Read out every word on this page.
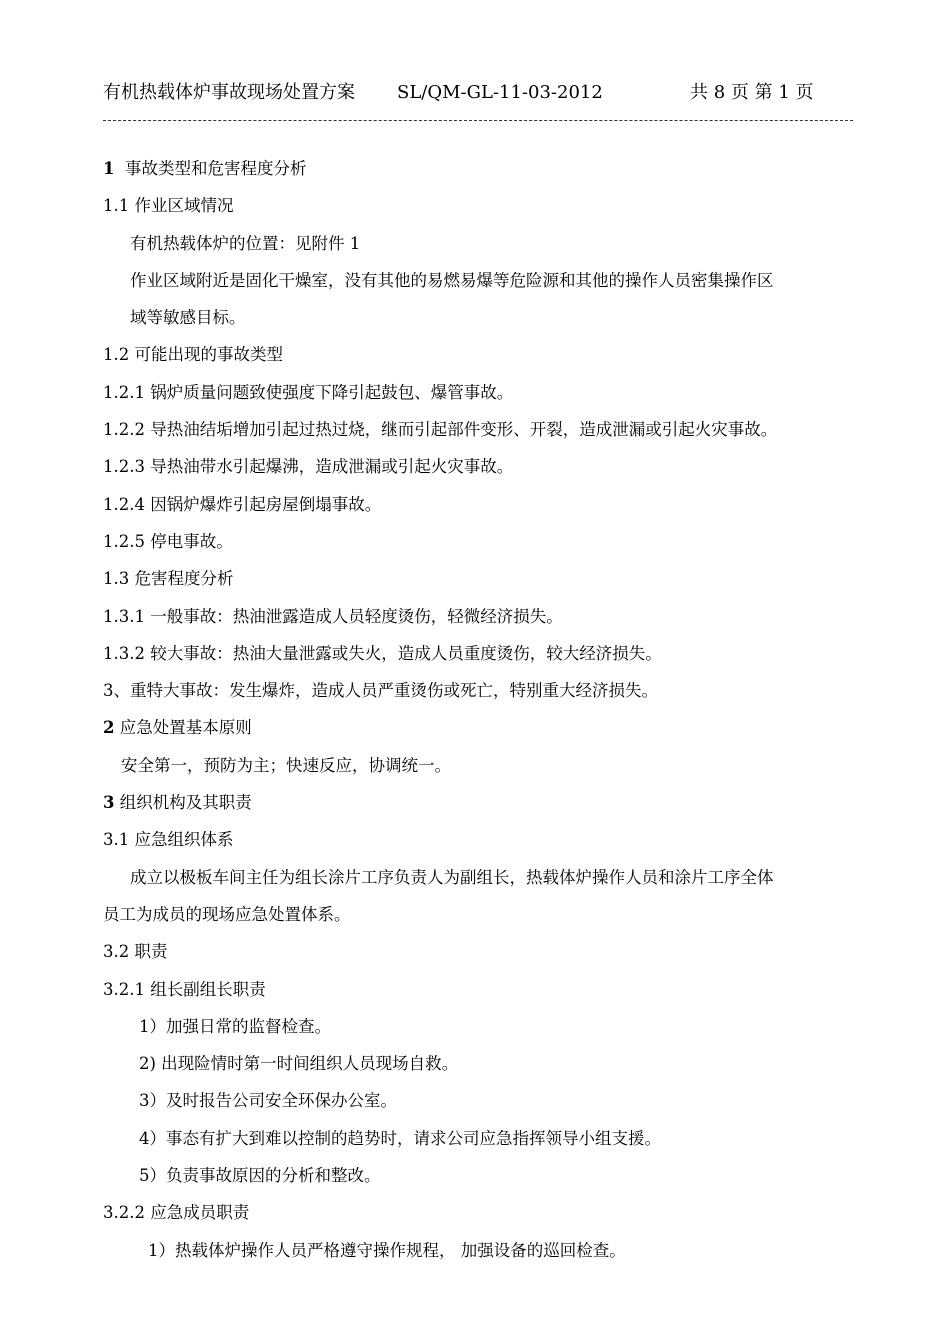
有机热载体炉事故现场处置方案 SL/QM-GL-11-03-2012	共 8 页 第 1 页
1 事故类型和危害程度分析
1.1 作业区域情况
有机热载体炉的位置：见附件 1
作业区域附近是固化干燥室，没有其他的易燃易爆等危险源和其他的操作人员密集操作区
域等敏感目标。
1.2 可能出现的事故类型
1.2.1 锅炉质量问题致使强度下降引起鼓包、爆管事故。
1.2.2 导热油结垢增加引起过热过烧，继而引起部件变形、开裂，造成泄漏或引起火灾事故。
1.2.3 导热油带水引起爆沸，造成泄漏或引起火灾事故。
1.2.4 因锅炉爆炸引起房屋倒塌事故。
1.2.5 停电事故。
1.3 危害程度分析
1.3.1 一般事故：热油泄露造成人员轻度烫伤，轻微经济损失。
1.3.2 较大事故：热油大量泄露或失火，造成人员重度烫伤，较大经济损失。
3、重特大事故：发生爆炸，造成人员严重烫伤或死亡，特别重大经济损失。
2 应急处置基本原则
安全第一，预防为主；快速反应，协调统一。
3 组织机构及其职责
3.1 应急组织体系
成立以极板车间主任为组长涂片工序负责人为副组长，热载体炉操作人员和涂片工序全体
员工为成员的现场应急处置体系。
3.2 职责
3.2.1 组长副组长职责
1）加强日常的监督检查。
2) 出现险情时第一时间组织人员现场自救。
3）及时报告公司安全环保办公室。
4）事态有扩大到难以控制的趋势时，请求公司应急指挥领导小组支援。
5）负责事故原因的分析和整改。
3.2.2 应急成员职责
1）热载体炉操作人员严格遵守操作规程， 加强设备的巡回检查。
